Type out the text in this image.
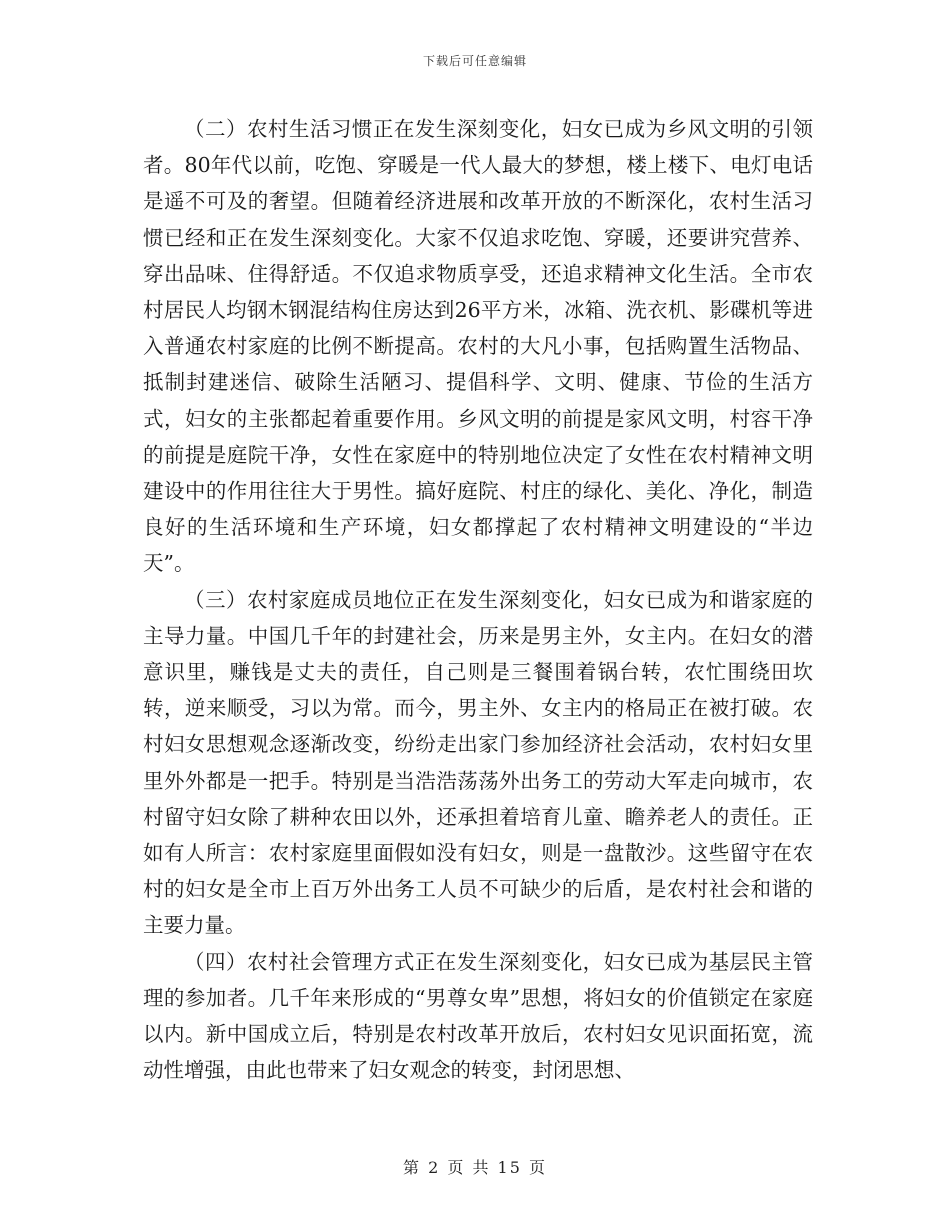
下载后可任意编辑

（二）农村生活习惯正在发生深刻变化，妇女已成为乡风文明的引领者。80年代以前，吃饱、穿暖是一代人最大的梦想，楼上楼下、电灯电话是遥不可及的奢望。但随着经济进展和改革开放的不断深化，农村生活习惯已经和正在发生深刻变化。大家不仅追求吃饱、穿暖，还要讲究营养、穿出品味、住得舒适。不仅追求物质享受，还追求精神文化生活。全市农村居民人均钢木钢混结构住房达到26平方米，冰箱、洗衣机、影碟机等进入普通农村家庭的比例不断提高。农村的大凡小事，包括购置生活物品、抵制封建迷信、破除生活陋习、提倡科学、文明、健康、节俭的生活方式，妇女的主张都起着重要作用。乡风文明的前提是家风文明，村容干净的前提是庭院干净，女性在家庭中的特别地位决定了女性在农村精神文明建设中的作用往往大于男性。搞好庭院、村庄的绿化、美化、净化，制造良好的生活环境和生产环境，妇女都撑起了农村精神文明建设的“半边天”。

（三）农村家庭成员地位正在发生深刻变化，妇女已成为和谐家庭的主导力量。中国几千年的封建社会，历来是男主外，女主内。在妇女的潜意识里，赚钱是丈夫的责任，自己则是三餐围着锅台转，农忙围绕田坎转，逆来顺受，习以为常。而今，男主外、女主内的格局正在被打破。农村妇女思想观念逐渐改变，纷纷走出家门参加经济社会活动，农村妇女里里外外都是一把手。特别是当浩浩荡荡外出务工的劳动大军走向城市，农村留守妇女除了耕种农田以外，还承担着培育儿童、瞻养老人的责任。正如有人所言：农村家庭里面假如没有妇女，则是一盘散沙。这些留守在农村的妇女是全市上百万外出务工人员不可缺少的后盾，是农村社会和谐的主要力量。

（四）农村社会管理方式正在发生深刻变化，妇女已成为基层民主管理的参加者。几千年来形成的“男尊女卑”思想，将妇女的价值锁定在家庭以内。新中国成立后，特别是农村改革开放后，农村妇女见识面拓宽，流动性增强，由此也带来了妇女观念的转变，封闭思想、

第 2 页 共 15 页
